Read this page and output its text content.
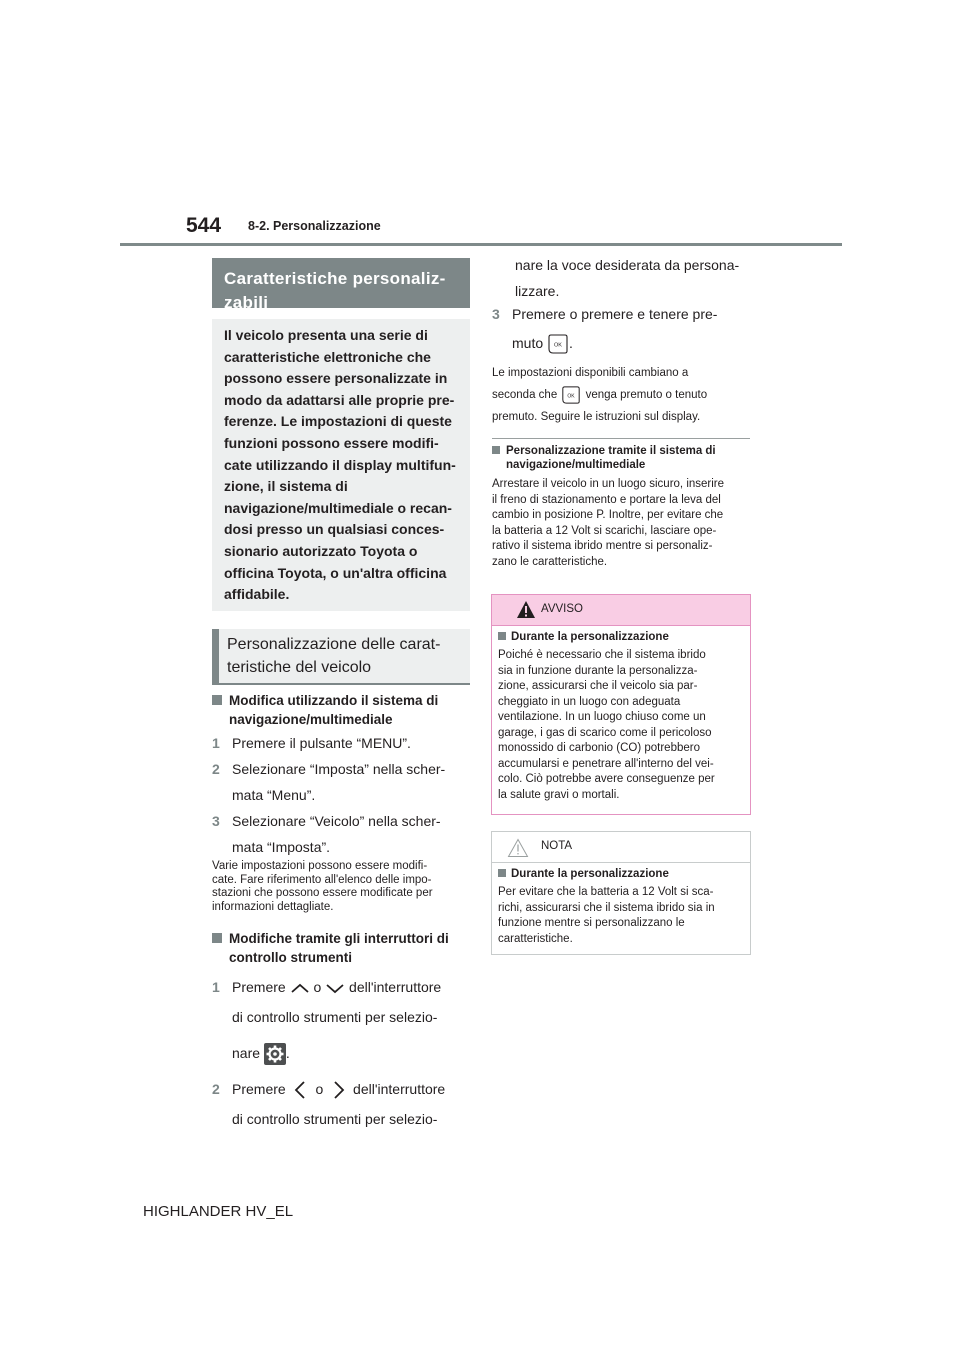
544 8-2. Personalizzazione
Caratteristiche personaliz-
zabili
Il veicolo presenta una serie di
caratteristiche elettroniche che
possono essere personalizzate in
modo da adattarsi alle proprie pre-
ferenze. Le impostazioni di queste
funzioni possono essere modifi-
cate utilizzando il display multifun-
zione, il sistema di
navigazione/multimediale o recan-
dosi presso un qualsiasi conces-
sionario autorizzato Toyota o
officina Toyota, o un'altra officina
affidabile.
Personalizzazione delle carat-
teristiche del veicolo
Modifica utilizzando il sistema di
navigazione/multimediale
1 Premere il pulsante “MENU”.
2 Selezionare “Imposta” nella scher-
mata “Menu”.
3 Selezionare “Veicolo” nella scher-
mata “Imposta”.
Varie impostazioni possono essere modifi-
cate. Fare riferimento all'elenco delle impo-
stazioni che possono essere modificate per
informazioni dettagliate.
Modifiche tramite gli interruttori di
controllo strumenti
1 Premere o dell'interruttore
di controllo strumenti per selezio-
nare .
2 Premere o dell'interruttore
di controllo strumenti per selezio-
nare la voce desiderata da persona-
lizzare.
3 Premere o premere e tenere pre-
muto OK .
Le impostazioni disponibili cambiano a
seconda che OK venga premuto o tenuto
premuto. Seguire le istruzioni sul display.
Personalizzazione tramite il sistema di
navigazione/multimediale
Arrestare il veicolo in un luogo sicuro, inserire
il freno di stazionamento e portare la leva del
cambio in posizione P. Inoltre, per evitare che
la batteria a 12 Volt si scarichi, lasciare ope-
rativo il sistema ibrido mentre si personaliz-
zano le caratteristiche.
AVVISO
Durante la personalizzazione
Poiché è necessario che il sistema ibrido
sia in funzione durante la personalizza-
zione, assicurarsi che il veicolo sia par-
cheggiato in un luogo con adeguata
ventilazione. In un luogo chiuso come un
garage, i gas di scarico come il pericoloso
monossido di carbonio (CO) potrebbero
accumularsi e penetrare all'interno del vei-
colo. Ciò potrebbe avere conseguenze per
la salute gravi o mortali.
NOTA
Durante la personalizzazione
Per evitare che la batteria a 12 Volt si sca-
richi, assicurarsi che il sistema ibrido sia in
funzione mentre si personalizzano le
caratteristiche.
HIGHLANDER HV_EL
